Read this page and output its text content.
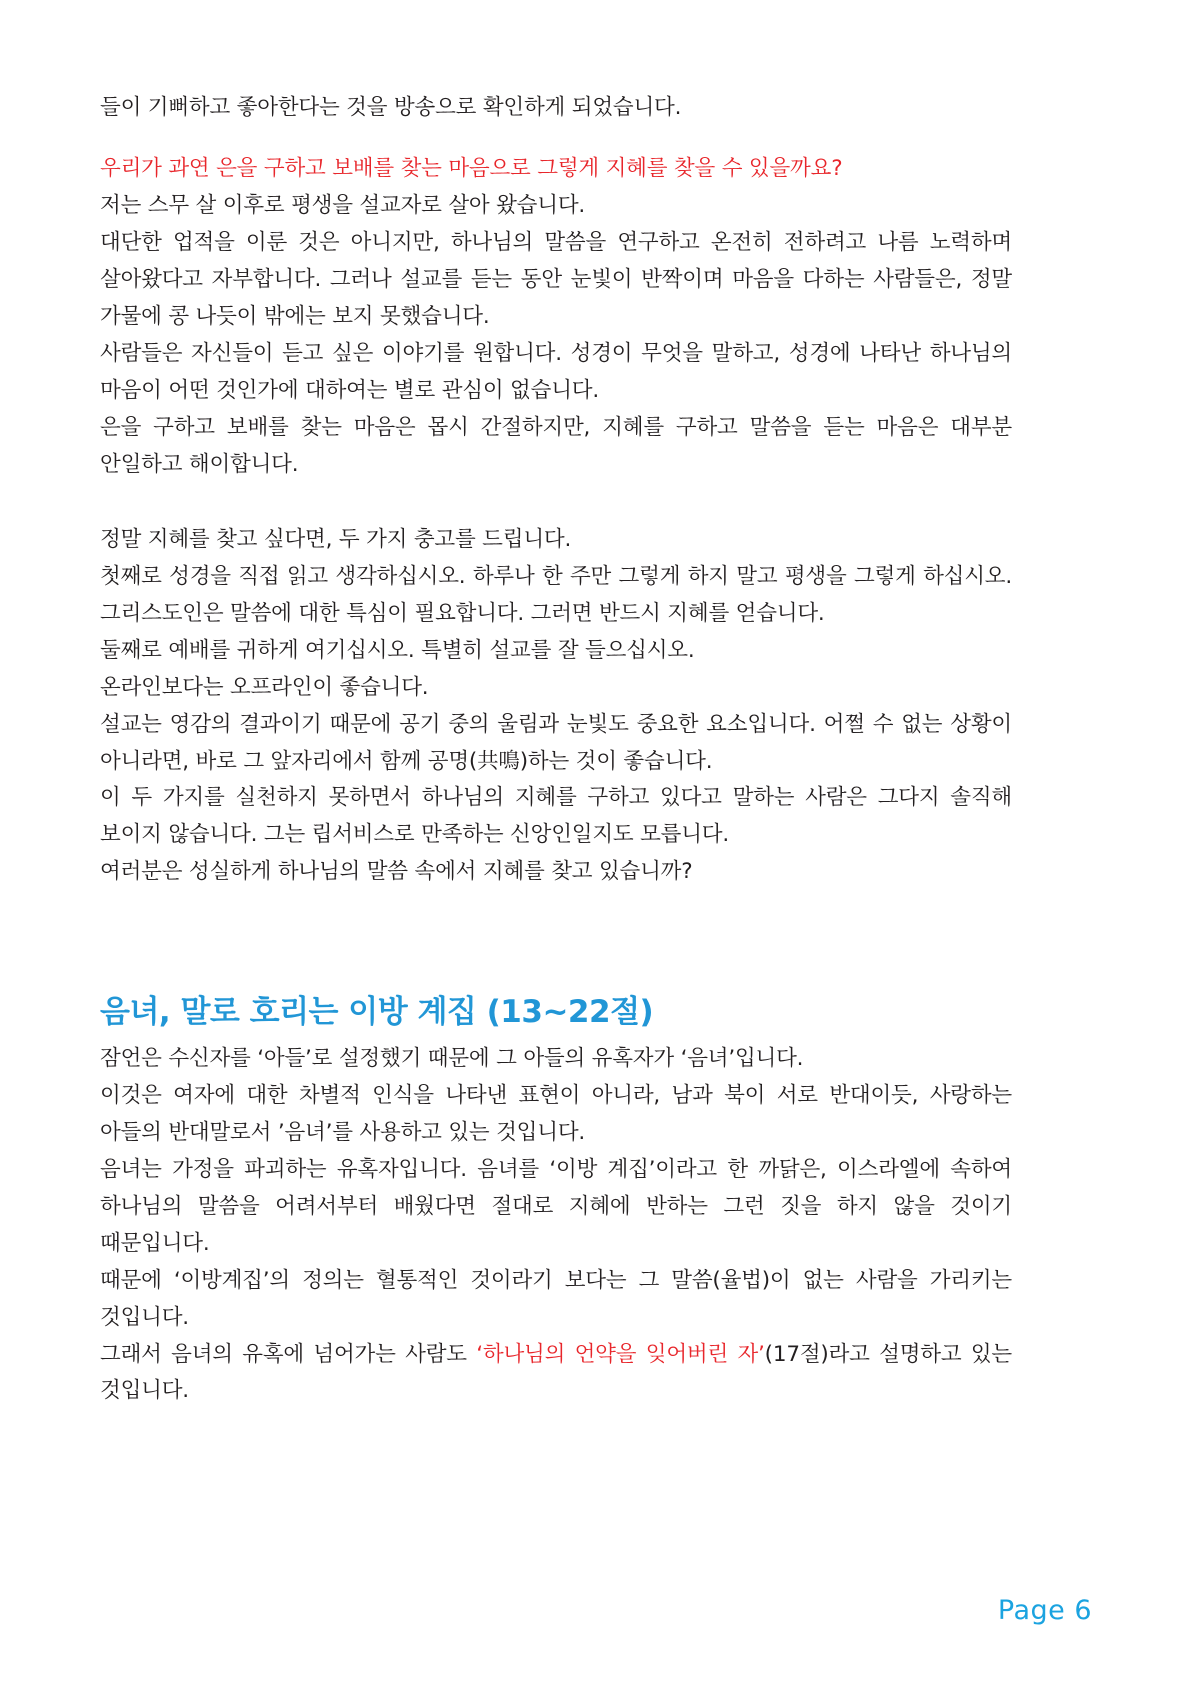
들이 기뻐하고 좋아한다는 것을 방송으로 확인하게 되었습니다.

우리가 과연 은을 구하고 보배를 찾는 마음으로 그렇게 지혜를 찾을 수 있을까요?

저는 스무 살 이후로 평생을 설교자로 살아 왔습니다.

대단한 업적을 이룬 것은 아니지만, 하나님의 말씀을 연구하고 온전히 전하려고 나름 노력하며 살아왔다고 자부합니다. 그러나 설교를 듣는 동안 눈빛이 반짝이며 마음을 다하는 사람들은, 정말 가물에 콩 나듯이 밖에는 보지 못했습니다.

사람들은 자신들이 듣고 싶은 이야기를 원합니다. 성경이 무엇을 말하고, 성경에 나타난 하나님의 마음이 어떤 것인가에 대하여는 별로 관심이 없습니다.

은을 구하고 보배를 찾는 마음은 몹시 간절하지만, 지혜를 구하고 말씀을 듣는 마음은 대부분 안일하고 해이합니다.

정말 지혜를 찾고 싶다면, 두 가지 충고를 드립니다.

첫째로 성경을 직접 읽고 생각하십시오. 하루나 한 주만 그렇게 하지 말고 평생을 그렇게 하십시오. 그리스도인은 말씀에 대한 특심이 필요합니다. 그러면 반드시 지혜를 얻습니다.

둘째로 예배를 귀하게 여기십시오. 특별히 설교를 잘 들으십시오.

온라인보다는 오프라인이 좋습니다.

설교는 영감의 결과이기 때문에 공기 중의 울림과 눈빛도 중요한 요소입니다. 어쩔 수 없는 상황이 아니라면, 바로 그 앞자리에서 함께 공명(共鳴)하는 것이 좋습니다.

이 두 가지를 실천하지 못하면서 하나님의 지혜를 구하고 있다고 말하는 사람은 그다지 솔직해 보이지 않습니다. 그는 립서비스로 만족하는 신앙인일지도 모릅니다.

여러분은 성실하게 하나님의 말씀 속에서 지혜를 찾고 있습니까?

음녀, 말로 호리는 이방 계집 (13~22절)

잠언은 수신자를 ‘아들’로 설정했기 때문에 그 아들의 유혹자가 ‘음녀’입니다.

이것은 여자에 대한 차별적 인식을 나타낸 표현이 아니라, 남과 북이 서로 반대이듯, 사랑하는 아들의 반대말로서 ’음녀’를 사용하고 있는 것입니다.

음녀는 가정을 파괴하는 유혹자입니다. 음녀를 ‘이방 계집’이라고 한 까닭은, 이스라엘에 속하여 하나님의 말씀을 어려서부터 배웠다면 절대로 지혜에 반하는 그런 짓을 하지 않을 것이기 때문입니다.

때문에 ‘이방계집’의 정의는 혈통적인 것이라기 보다는 그 말씀(율법)이 없는 사람을 가리키는 것입니다.

그래서 음녀의 유혹에 넘어가는 사람도 ‘하나님의 언약을 잊어버린 자’(17절)라고 설명하고 있는 것입니다.

Page 6
